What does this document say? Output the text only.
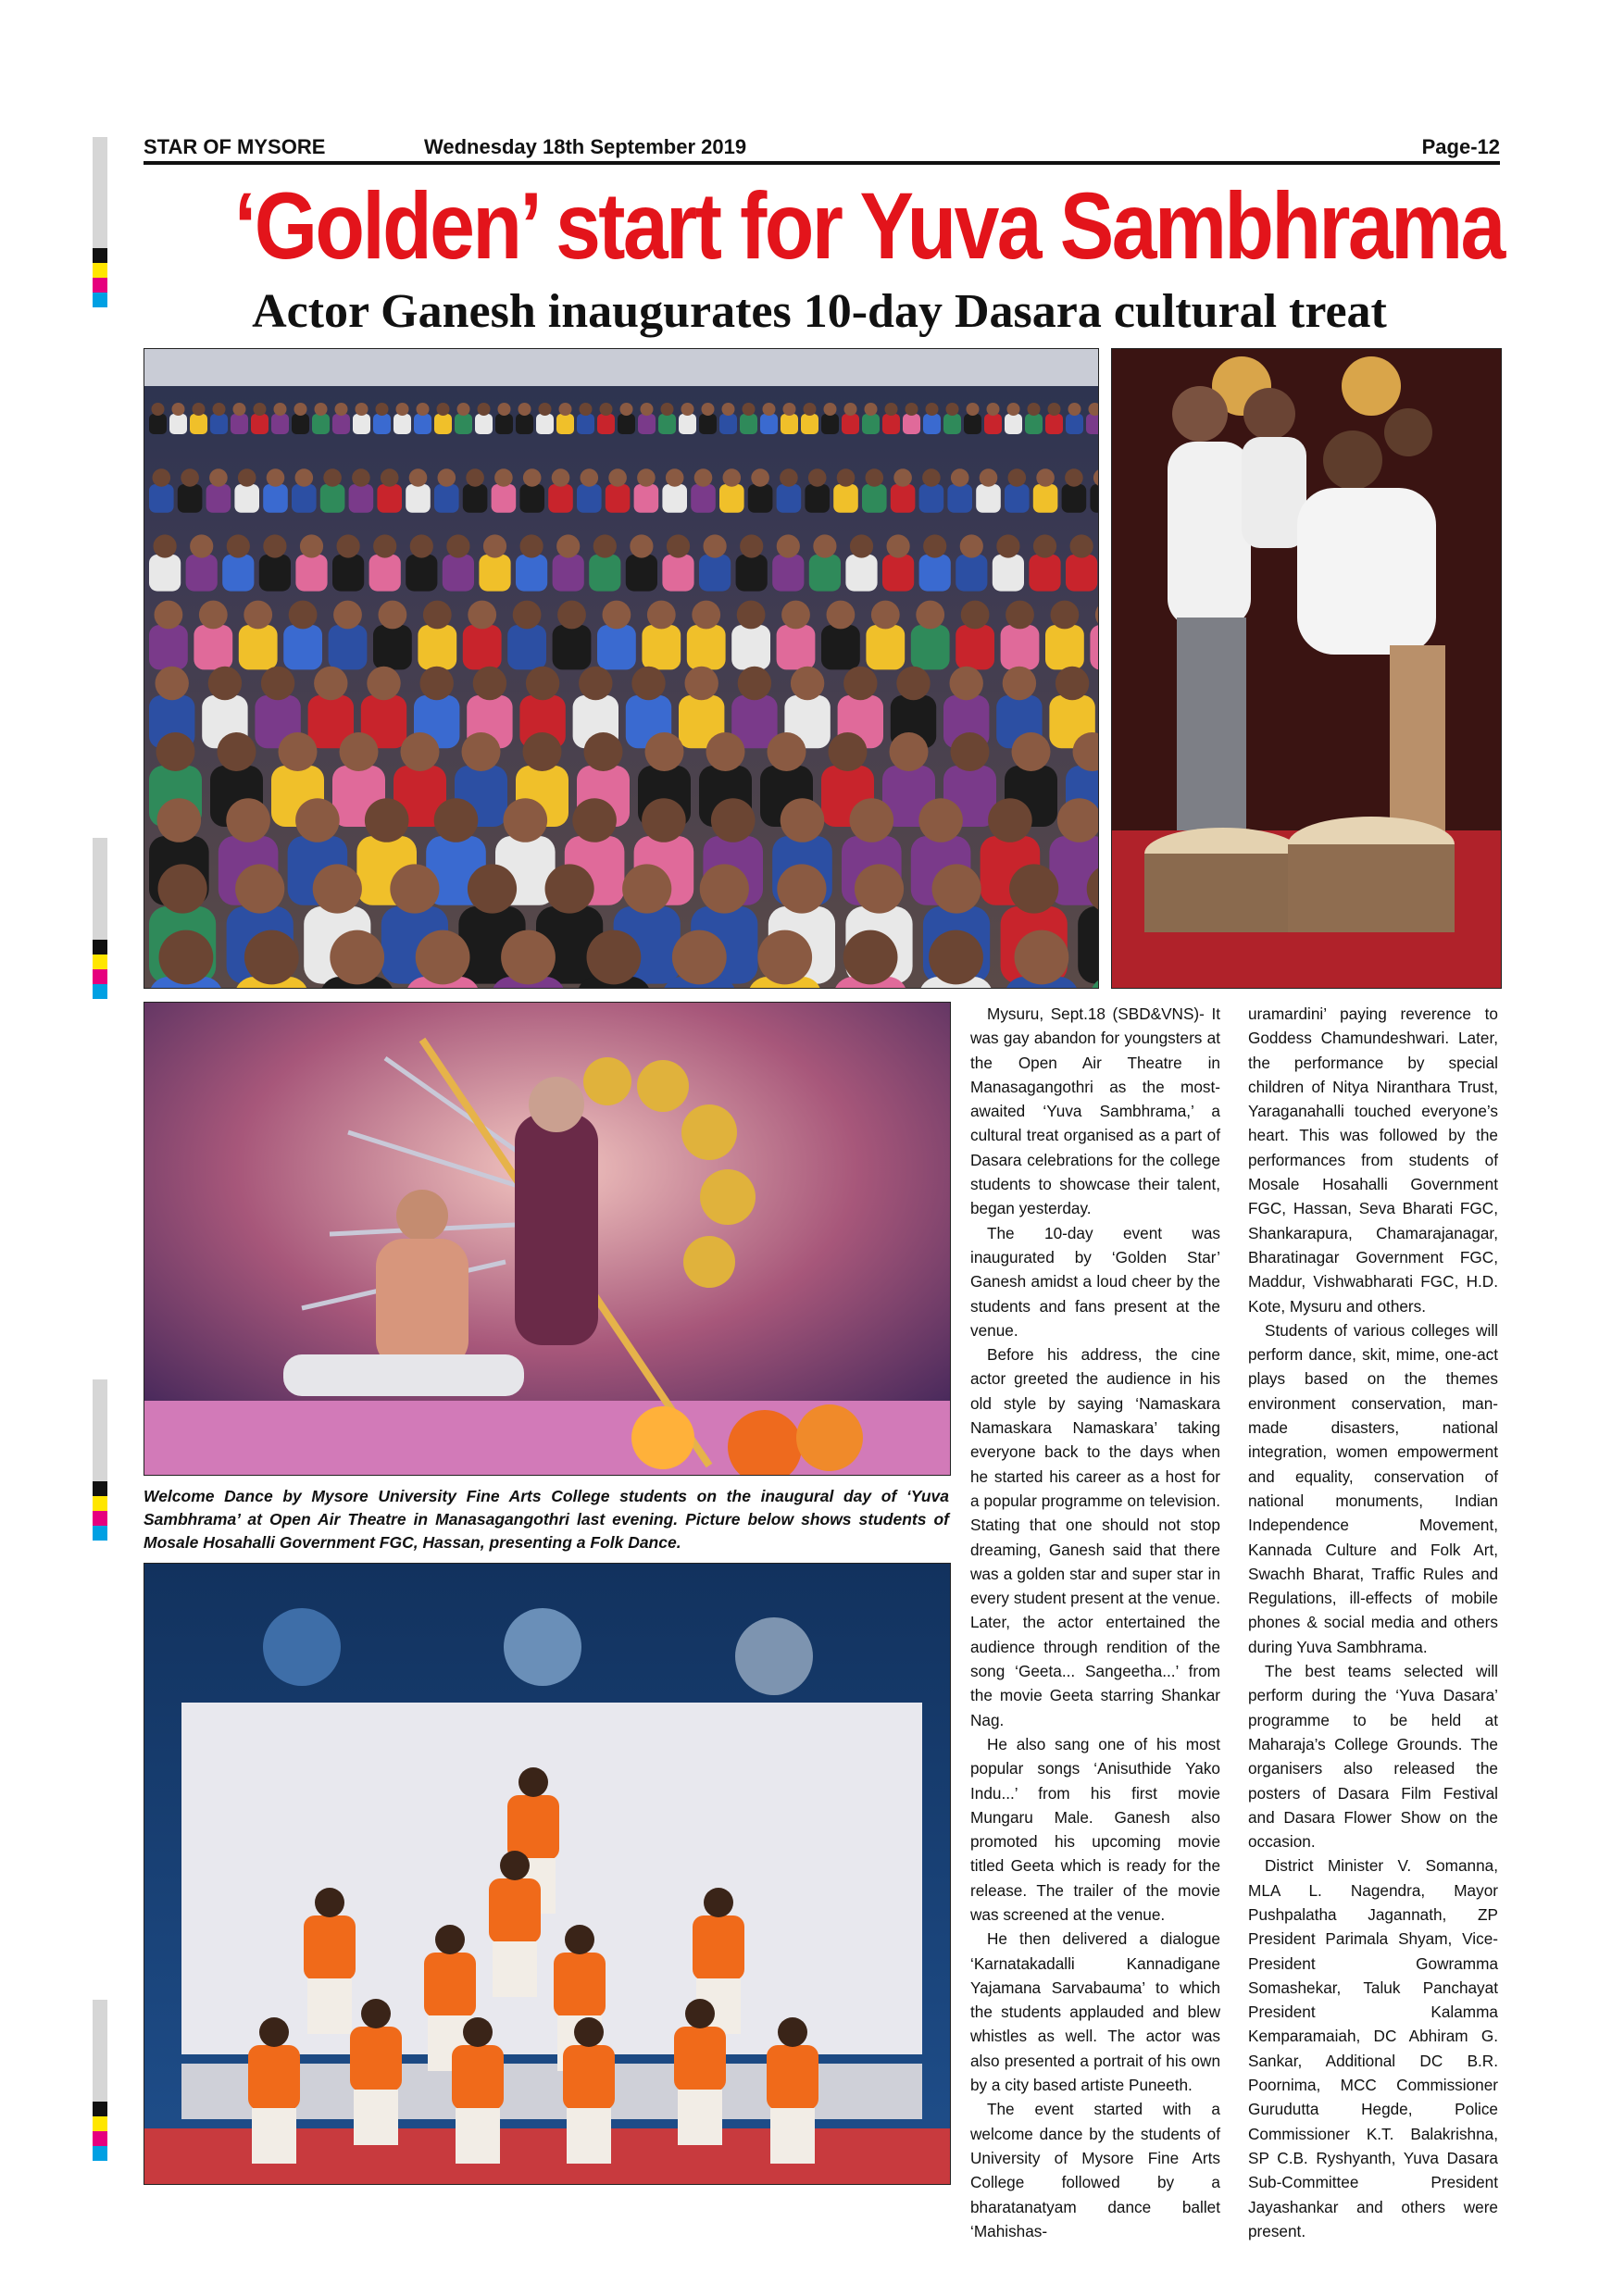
STAR OF MYSORE	Wednesday 18th September 2019	Page-12
‘Golden’ start for Yuva Sambhrama
Actor Ganesh inaugurates 10-day Dasara cultural treat
Welcome Dance by Mysore University Fine Arts College students on the inaugural day of ‘Yuva Sambhrama’ at Open Air Theatre in Manasagangothri last evening. Picture below shows students of Mosale Hosahalli Government FGC, Hassan, presenting a Folk Dance.

Mysuru, Sept.18 (SBD&VNS)- It was gay abandon for youngsters at the Open Air Theatre in Manasagangothri as the most-awaited ‘Yuva Sambhrama,’ a cultural treat organised as a part of Dasara celebrations for the college students to showcase their talent, began yesterday.

The 10-day event was inaugurated by ‘Golden Star’ Ganesh amidst a loud cheer by the students and fans present at the venue.

Before his address, the cine actor greeted the audience in his old style by saying ‘Namaskara Namaskara Namaskara’ taking everyone back to the days when he started his career as a host for a popular programme on television. Stating that one should not stop dreaming, Ganesh said that there was a golden star and super star in every student present at the venue. Later, the actor entertained the audience through rendition of the song ‘Geeta... Sangeetha...’ from the movie Geeta starring Shankar Nag.

He also sang one of his most popular songs ‘Anisuthide Yako Indu...’ from his first movie Mungaru Male. Ganesh also promoted his upcoming movie titled Geeta which is ready for the release. The trailer of the movie was screened at the venue.

He then delivered a dialogue ‘Karnatakadalli Kannadigane Yajamana Sarvabauma’ to which the students applauded and blew whistles as well. The actor was also presented a portrait of his own by a city based artiste Puneeth.

The event started with a welcome dance by the students of University of Mysore Fine Arts College followed by a bharatanatyam dance ballet ‘Mahishas-

uramardini’ paying reverence to Goddess Chamundeshwari. Later, the performance by special children of Nitya Niranthara Trust, Yaraganahalli touched everyone’s heart. This was followed by the performances from students of Mosale Hosahalli Government FGC, Hassan, Seva Bharati FGC, Shankarapura, Chamarajanagar, Bharatinagar Government FGC, Maddur, Vishwabharati FGC, H.D. Kote, Mysuru and others.

Students of various colleges will perform dance, skit, mime, one-act plays based on the themes environment conservation, man-made disasters, national integration, women empowerment and equality, conservation of national monuments, Indian Independence Movement, Kannada Culture and Folk Art, Swachh Bharat, Traffic Rules and Regulations, ill-effects of mobile phones & social media and others during Yuva Sambhrama.

The best teams selected will perform during the ‘Yuva Dasara’ programme to be held at Maharaja’s College Grounds. The organisers also released the posters of Dasara Film Festival and Dasara Flower Show on the occasion.

District Minister V. Somanna, MLA L. Nagendra, Mayor Pushpalatha Jagannath, ZP President Parimala Shyam, Vice-President Gowramma Somashekar, Taluk Panchayat President Kalamma Kemparamaiah, DC Abhiram G. Sankar, Additional DC B.R. Poornima, MCC Commissioner Gurudutta Hegde, Police Commissioner K.T. Balakrishna, SP C.B. Ryshyanth, Yuva Dasara Sub-Committee President Jayashankar and others were present.
